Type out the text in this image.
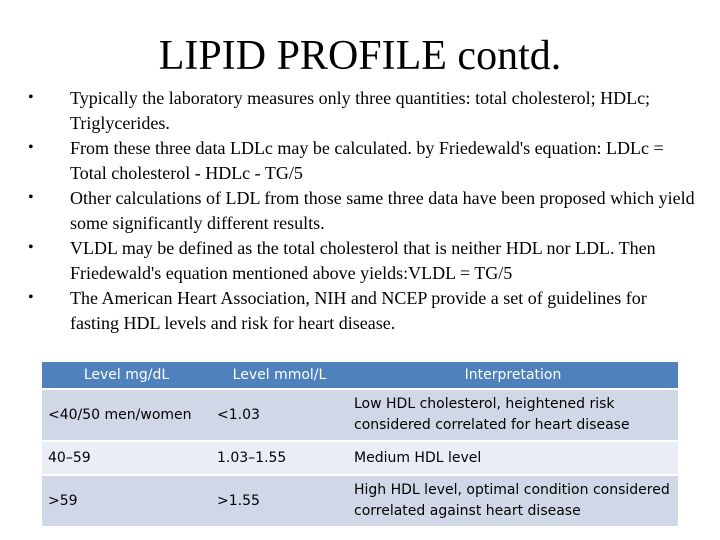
LIPID PROFILE contd.
• Typically the laboratory measures only three quantities: total cholesterol; HDLc; Triglycerides.
• From these three data LDLc may be calculated. by Friedewald's equation: LDLc = Total cholesterol - HDLc - TG/5
• Other calculations of LDL from those same three data have been proposed which yield some significantly different results.
• VLDL may be defined as the total cholesterol that is neither HDL nor LDL. Then Friedewald's equation mentioned above yields:VLDL = TG/5
• The American Heart Association, NIH and NCEP provide a set of guidelines for fasting HDL levels and risk for heart disease.
Level mg/dL	Level mmol/L	Interpretation
<40/50 men/women	<1.03	Low HDL cholesterol, heightened risk considered correlated for heart disease
40–59	1.03–1.55	Medium HDL level
>59	>1.55	High HDL level, optimal condition considered correlated against heart disease
